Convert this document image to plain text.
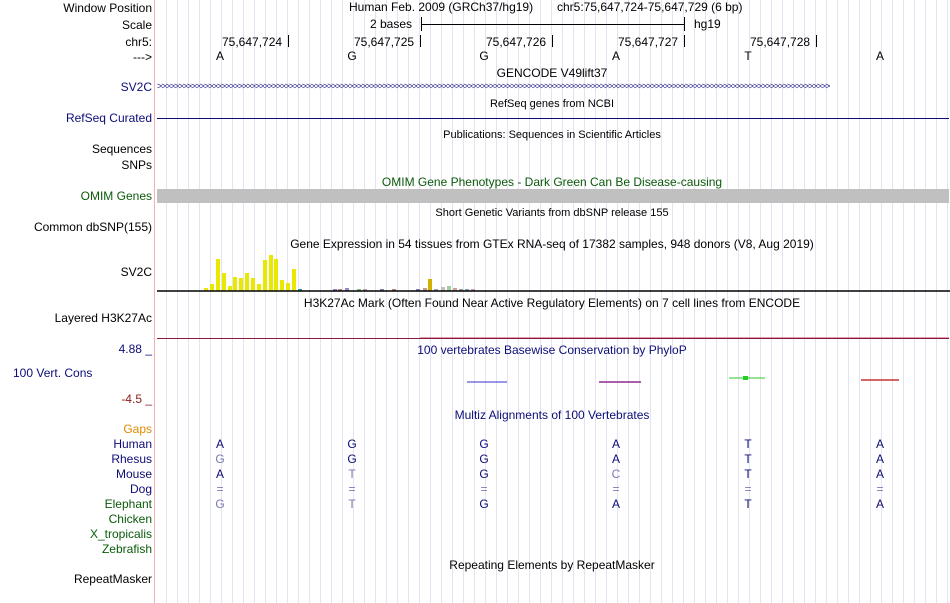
Window Position	Human Feb. 2009 (GRCh37/hg19) chr5:75,647,724-75,647,729 (6 bp)
Scale	2 bases	hg19
chr5:	75,647,724	75,647,725	75,647,726	75,647,727	75,647,728
--->	A	G	G	A	T	A
GENCODE V49lift37
SV2C >>>>>>>>>>>>>>>>>>>>>>>>>>>>>>>>>>>>>>>>>>>>>>>>>>>>>>>>>>>>>>>>>>>>>>>>>>>>>>>>>>>>>>>>>>>>>>>>>>>>>>>>>>>>>>>>>>>>>>>>>>>>>>>>>>>>>>>>>>>>>>>>>>>>>>>>>>>>>>
RefSeq genes from NCBI
RefSeq Curated
Publications: Sequences in Scientific Articles
Sequences
SNPs
OMIM Gene Phenotypes - Dark Green Can Be Disease-causing
OMIM Genes
Short Genetic Variants from dbSNP release 155
Common dbSNP(155)
Gene Expression in 54 tissues from GTEx RNA-seq of 17382 samples, 948 donors (V8, Aug 2019)
SV2C
H3K27Ac Mark (Often Found Near Active Regulatory Elements) on 7 cell lines from ENCODE
Layered H3K27Ac
4.88 _	100 vertebrates Basewise Conservation by PhyloP
100 Vert. Cons
-4.5 _
Multiz Alignments of 100 Vertebrates
Gaps
Human	A	G	G	A	T	A
Rhesus	G	G	G	A	T	A
Mouse	A	T	G	C	T	A
Dog	=	=	=	=	=	=
Elephant	G	T	G	A	T	A
Chicken
X_tropicalis
Zebrafish
Repeating Elements by RepeatMasker
RepeatMasker
